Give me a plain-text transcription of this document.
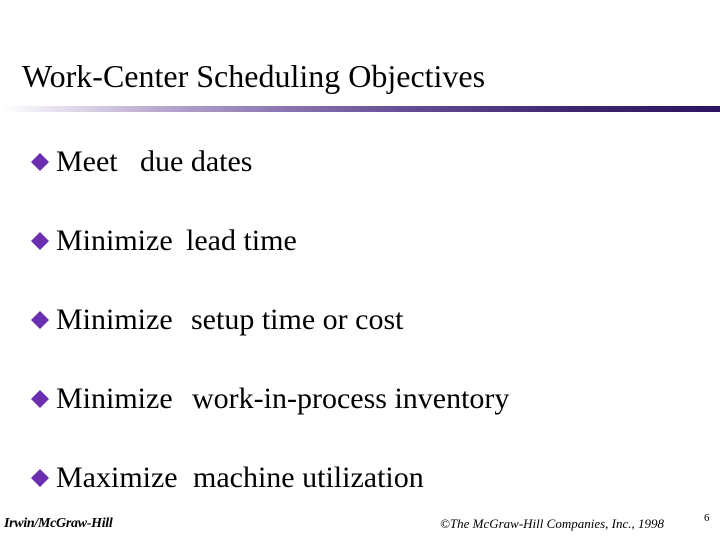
Work-Center Scheduling Objectives
Meet due dates
Minimize lead time
Minimize setup time or cost
Minimize work-in-process inventory
Maximize machine utilization
Irwin/McGraw-Hill	©The McGraw-Hill Companies, Inc., 1998	6
